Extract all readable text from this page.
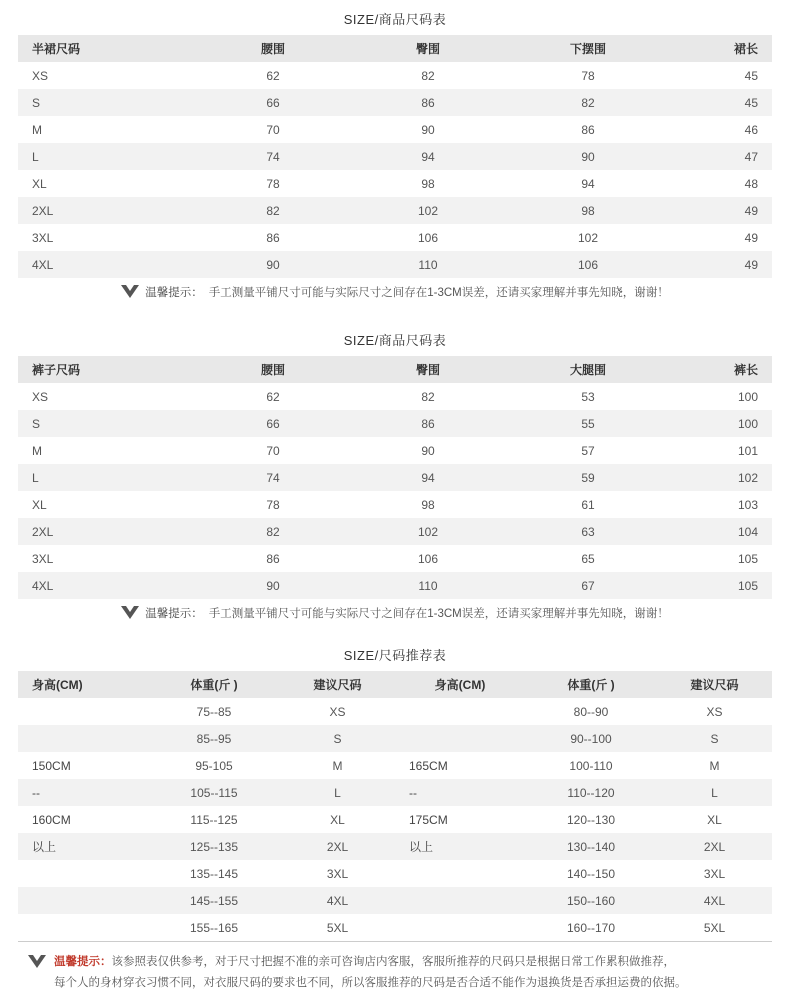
SIZE/商品尺码表
半裙尺码	腰围	臀围	下摆围	裙长
XS	62	82	78	45
S	66	86	82	45
M	70	90	86	46
L	74	94	90	47
XL	78	98	94	48
2XL	82	102	98	49
3XL	86	106	102	49
4XL	90	110	106	49

温馨提示： 手工测量平铺尺寸可能与实际尺寸之间存在1-3CM误差，还请买家理解并事先知晓，谢谢！				
SIZE/商品尺码表
裤子尺码	腰围	臀围	大腿围	裤长
XS	62	82	53	100
S	66	86	55	100
M	70	90	57	101
L	74	94	59	102
XL	78	98	61	103
2XL	82	102	63	104
3XL	86	106	65	105
4XL	90	110	67	105

温馨提示： 手工测量平铺尺寸可能与实际尺寸之间存在1-3CM误差，还请买家理解并事先知晓，谢谢！				
SIZE/尺码推荐表
身高(CM)	体重(斤 )	建议尺码	身高(CM)	体重(斤 )	建议尺码
	75--85	XS		80--90	XS
	85--95	S		90--100	S
150CM	95-105	M	165CM	100-110	M
--	105--115	L	--	110--120	L
160CM	115--125	XL	175CM	120--130	XL
以上	125--135	2XL	以上	130--140	2XL
	135--145	3XL		140--150	3XL
	145--155	4XL		150--160	4XL
	155--165	5XL		160--170	5XL
温馨提示：该参照表仅供参考，对于尺寸把握不准的亲可咨询店内客服，客服所推荐的尺码只是根据日常工作累积做推荐，
每个人的身材穿衣习惯不同，对衣服尺码的要求也不同，所以客服推荐的尺码是否合适不能作为退换货是否承担运费的依据。
